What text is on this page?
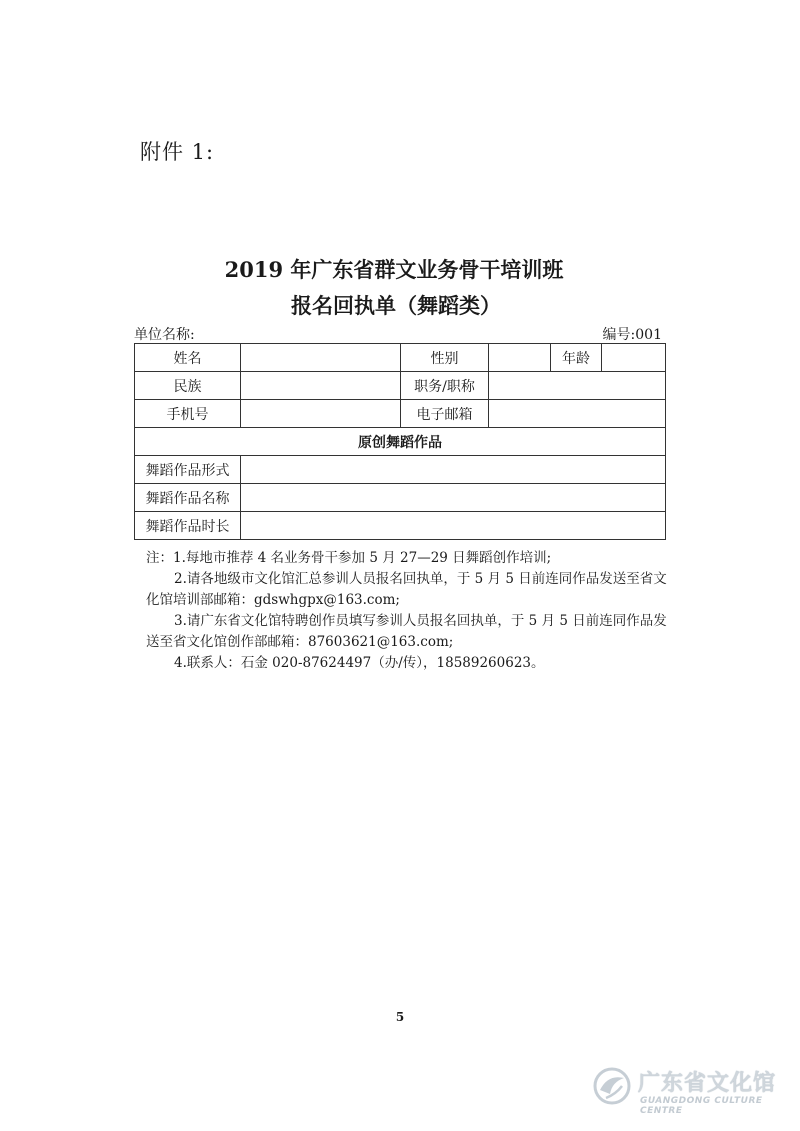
附件 1:
2019 年广东省群文业务骨干培训班
报名回执单（舞蹈类）
单位名称:	编号:001
姓名		性别		年龄	
民族		职务/职称			
手机号		电子邮箱			
原创舞蹈作品					
舞蹈作品形式					
舞蹈作品名称					
舞蹈作品时长					

注：1.每地市推荐 4 名业务骨干参加 5 月 27—29 日舞蹈创作培训;

2.请各地级市文化馆汇总参训人员报名回执单，于 5 月 5 日前连同作品发送至省文化馆培训部邮箱：gdswhgpx@163.com;

3.请广东省文化馆特聘创作员填写参训人员报名回执单，于 5 月 5 日前连同作品发送至省文化馆创作部邮箱：87603621@163.com;

4.联系人：石金 020-87624497（办/传），18589260623。

5
广东省文化馆
GUANGDONG CULTURE CENTRE
